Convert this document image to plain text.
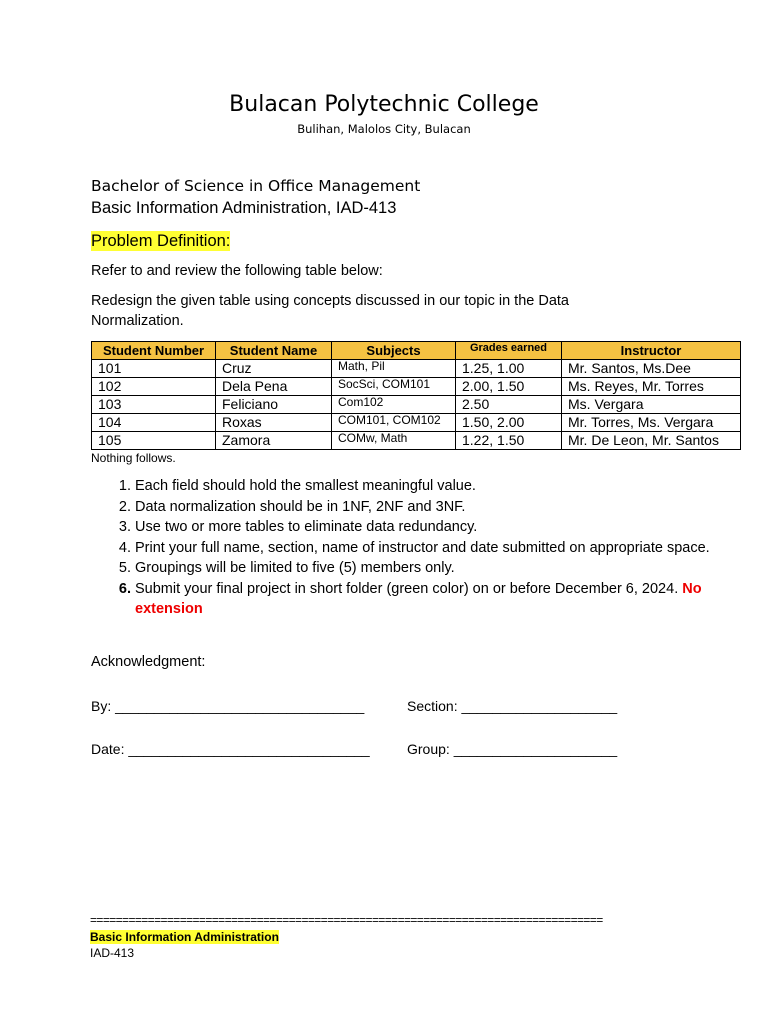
Bulacan Polytechnic College
Bulihan, Malolos City, Bulacan
Bachelor of Science in Office Management
Basic Information Administration, IAD-413
Problem Definition:
Refer to and review the following table below:
Redesign the given table using concepts discussed in our topic in the Data Normalization.
Student Number	Student Name	Subjects	Grades earned	Instructor
101	Cruz	Math, Pil	1.25, 1.00	Mr. Santos, Ms.Dee
102	Dela Pena	SocSci, COM101	2.00, 1.50	Ms. Reyes, Mr. Torres
103	Feliciano	Com102	2.50	Ms. Vergara
104	Roxas	COM101, COM102	1.50, 2.00	Mr. Torres, Ms. Vergara
105	Zamora	COMw, Math	1.22, 1.50	Mr. De Leon, Mr. Santos
Nothing follows.
1. Each field should hold the smallest meaningful value.
2. Data normalization should be in 1NF, 2NF and 3NF.
3. Use two or more tables to eliminate data redundancy.
4. Print your full name, section, name of instructor and date submitted on appropriate space.
5. Groupings will be limited to five (5) members only.
6. Submit your final project in short folder (green color) on or before December 6, 2024. No extension
Acknowledgment:
By: ________________________________	Section: ____________________
Date: _______________________________	Group: _____________________
================================================================================
Basic Information Administration
IAD-413
